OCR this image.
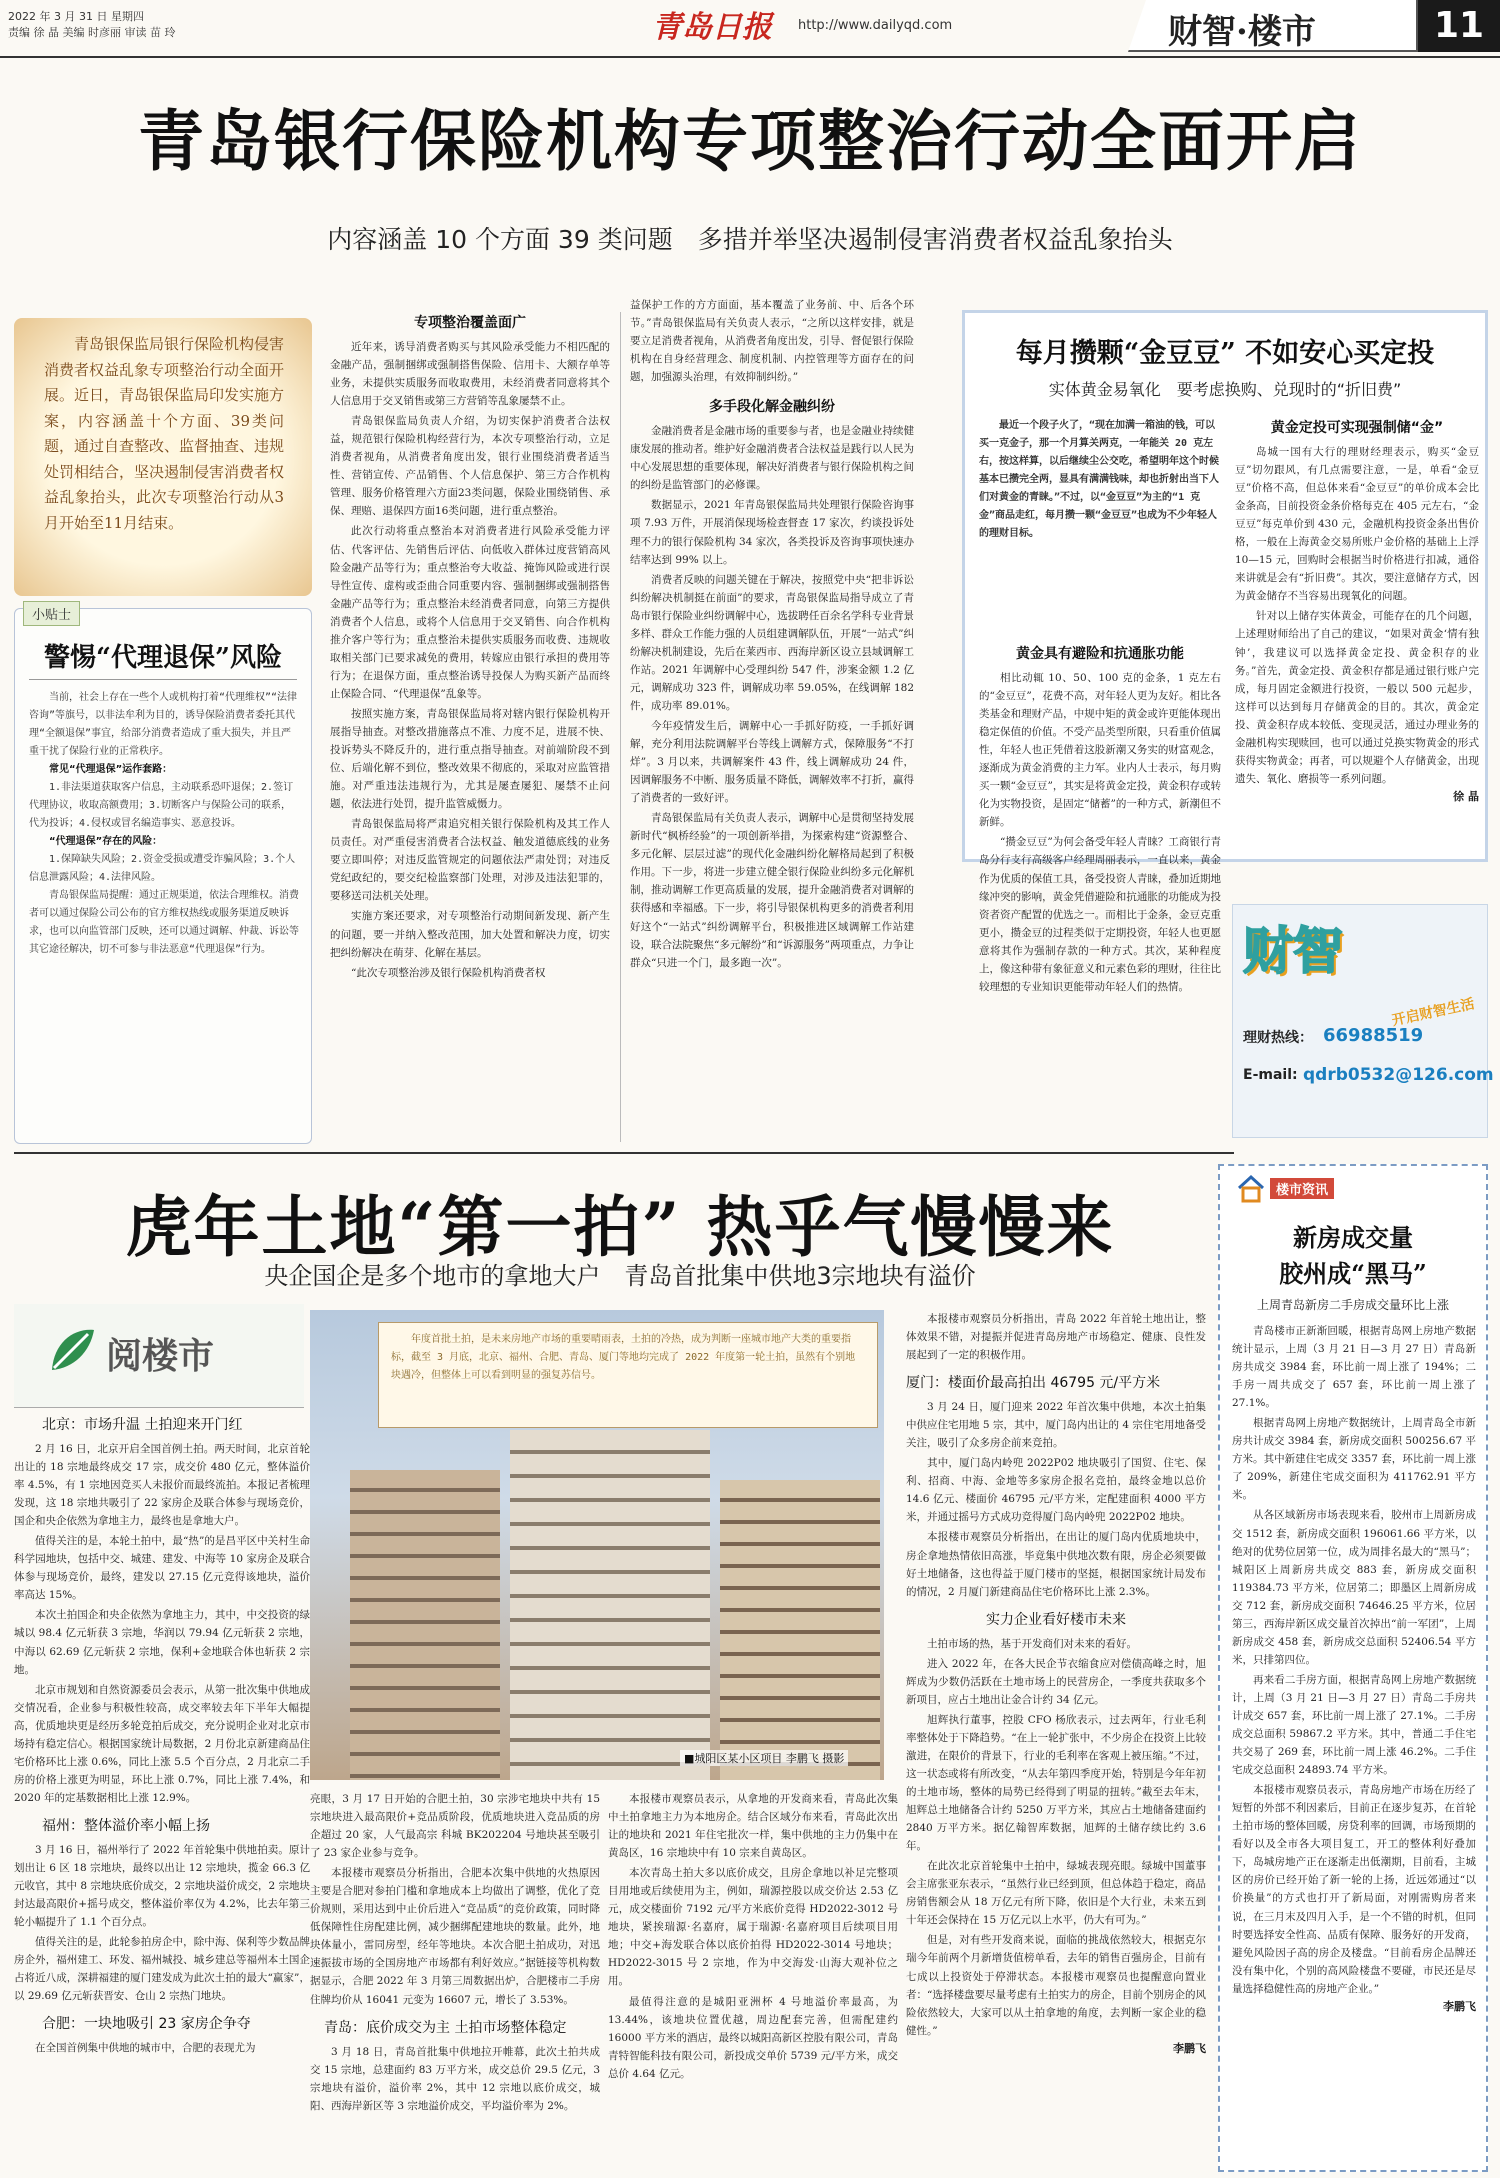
2022 年 3 月 31 日 星期四
责编 徐 晶 美编 时彦丽 审读 苗 玲	青岛日报 http://www.dailyqd.com	财智·楼市	11
青岛银行保险机构专项整治行动全面开启
内容涵盖 10 个方面 39 类问题　多措并举坚决遏制侵害消费者权益乱象抬头
青岛银保监局银行保险机构侵害消费者权益乱象专项整治行动全面开展。近日，青岛银保监局印发实施方案，内容涵盖十个方面、39类问题，通过自查整改、监督抽查、违规处罚相结合，坚决遏制侵害消费者权益乱象抬头，此次专项整治行动从3月开始至11月结束。
小贴士
警惕“代理退保”风险
当前，社会上存在一些个人或机构打着“代理维权”“法律咨询”等旗号，以非法牟利为目的，诱导保险消费者委托其代理“全额退保”事宜，给部分消费者造成了重大损失，并且严重干扰了保险行业的正常秩序。
常见“代理退保”运作套路：
1.非法渠道获取客户信息，主动联系恐吓退保；2.签订代理协议，收取高额费用；3.切断客户与保险公司的联系，代为投诉；4.侵权或冒名编造事实、恶意投诉。
“代理退保”存在的风险：
1.保障缺失风险；2.资金受损或遭受诈骗风险；3.个人信息泄露风险；4.法律风险。
青岛银保监局提醒：通过正规渠道，依法合理维权。消费者可以通过保险公司公布的官方维权热线或服务渠道反映诉求，也可以向监管部门反映，还可以通过调解、仲裁、诉讼等其它途径解决，切不可参与非法恶意“代理退保”行为。
专项整治覆盖面广
近年来，诱导消费者购买与其风险承受能力不相匹配的金融产品，强制捆绑或强制搭售保险、信用卡、大额存单等业务，未提供实质服务而收取费用，未经消费者同意将其个人信息用于交叉销售或第三方营销等乱象屡禁不止。
青岛银保监局负责人介绍，为切实保护消费者合法权益，规范银行保险机构经营行为，本次专项整治行动，立足消费者视角，从消费者角度出发，银行业围绕消费者适当性、营销宣传、产品销售、个人信息保护、第三方合作机构管理、服务价格管理六方面23类问题，保险业围绕销售、承保、理赔、退保四方面16类问题，进行重点整治。
此次行动将重点整治本对消费者进行风险承受能力评估、代客评估、先销售后评估、向低收入群体过度营销高风险金融产品等行为；重点整治夸大收益、掩饰风险或进行误导性宣传、虚构或歪曲合同重要内容、强制捆绑或强制搭售金融产品等行为；重点整治未经消费者同意，向第三方提供消费者个人信息，或将个人信息用于交叉销售、向合作机构推介客户等行为；重点整治未提供实质服务而收费、违规收取相关部门已要求减免的费用，转嫁应由银行承担的费用等行为；在退保方面，重点整治诱导投保人为购买新产品而终止保险合同、“代理退保”乱象等。
按照实施方案，青岛银保监局将对辖内银行保险机构开展指导抽查。对整改措施落点不准、力度不足，进展不快、投诉势头不降反升的，进行重点指导抽查。对前端阶段不到位、后端化解不到位，整改效果不彻底的，采取对应监管措施。对严重违法违规行为，尤其是屡查屡犯、屡禁不止问题，依法进行处罚，提升监管威慑力。
青岛银保监局将严肃追究相关银行保险机构及其工作人员责任。对严重侵害消费者合法权益、触发道德底线的业务要立即叫停；对违反监管规定的问题依法严肃处罚；对违反党纪政纪的，要交纪检监察部门处理，对涉及违法犯罪的，要移送司法机关处理。
实施方案还要求，对专项整治行动期间新发现、新产生的问题，要一并纳入整改范围，加大处置和解决力度，切实把纠纷解决在萌芽、化解在基层。
“此次专项整治涉及银行保险机构消费者权
益保护工作的方方面面，基本覆盖了业务前、中、后各个环节。”青岛银保监局有关负责人表示，“之所以这样安排，就是要立足消费者视角，从消费者角度出发，引导、督促银行保险机构在自身经营理念、制度机制、内控管理等方面存在的问题，加强源头治理，有效抑制纠纷。”
多手段化解金融纠纷
金融消费者是金融市场的重要参与者，也是金融业持续健康发展的推动者。维护好金融消费者合法权益是践行以人民为中心发展思想的重要体现，解决好消费者与银行保险机构之间的纠纷是监管部门的必修课。
数据显示，2021 年青岛银保监局共处理银行保险咨询事项 7.93 万件，开展消保现场检查督查 17 家次，约谈投诉处理不力的银行保险机构 34 家次，各类投诉及咨询事项快速办结率达到 99% 以上。
消费者反映的问题关键在于解决，按照党中央“把非诉讼纠纷解决机制挺在前面”的要求，青岛银保监局指导成立了青岛市银行保险业纠纷调解中心，选拔聘任百余名学科专业背景多样、群众工作能力强的人员组建调解队伍，开展“一站式”纠纷解决机制建设，先后在莱西市、西海岸新区设立县域调解工作站。2021 年调解中心受理纠纷 547 件，涉案金额 1.2 亿元，调解成功 323 件，调解成功率 59.05%，在线调解 182 件，成功率 89.01%。
今年疫情发生后，调解中心一手抓好防疫，一手抓好调解，充分利用法院调解平台等线上调解方式，保障服务“不打烊”。3 月以来，共调解案件 43 件，线上调解成功 24 件，因调解服务不中断、服务质量不降低，调解效率不打折，赢得了消费者的一致好评。
青岛银保监局有关负责人表示，调解中心是贯彻坚持发展新时代“枫桥经验”的一项创新举措，为探索构建“资源整合、多元化解、层层过滤”的现代化金融纠纷化解格局起到了积极作用。下一步，将进一步建立健全银行保险业纠纷多元化解机制，推动调解工作更高质量的发展，提升金融消费者对调解的获得感和幸福感。下一步，将引导银保机构更多的消费者利用好这个“一站式”纠纷调解平台，积极推进区域调解工作站建设，联合法院聚焦“多元解纷”和“诉源服务”两项重点，力争让群众“只进一个门，最多跑一次”。
每月攒颗“金豆豆” 不如安心买定投
实体黄金易氧化　要考虑换购、兑现时的“折旧费”
最近一个段子火了，“现在加满一箱油的钱，可以买一克金子，那一个月算关两克，一年能关 20 克左右，按这样算，以后继续尘公交吃，希望明年这个时候基本已攒完全两，显具有满满钱味，却也折射出当下人们对黄金的青睐。”不过，以“金豆豆”为主的“1 克金”商品走红，每月攒一颗“金豆豆”也成为不少年轻人的理财目标。
黄金具有避险和抗通胀功能
相比动辄 10、50、100 克的金条，1 克左右的“金豆豆”，花费不高，对年轻人更为友好。相比各类基金和理财产品，中规中矩的黄金或许更能体现出稳定保值的价值。不受产品类型所限，只看重价值属性，年轻人也正凭借着这股新潮又务实的财富观念，逐渐成为黄金消费的主力军。业内人士表示，每月购买一颗“金豆豆”，其实是将黄金定投，黄金积存或转化为实物投资，是固定“储蓄”的一种方式，新潮但不新鲜。
“攒金豆豆”为何会备受年轻人青睐？工商银行青岛分行支行高级客户经理周丽表示，一直以来，黄金作为优质的保值工具，备受投资人青睐，叠加近期地缘冲突的影响，黄金凭借避险和抗通胀的功能成为投资者资产配置的优选之一。而相比于金条，金豆克重更小，攒金豆的过程类似于定期投资，年轻人也更愿意将其作为强制存款的一种方式。其次，某种程度上，像这种带有象征意义和元素色彩的理财，往往比较理想的专业知识更能带动年轻人们的热情。
黄金定投可实现强制储“金”
岛城一国有大行的理财经理表示，购买“金豆豆”切勿跟风，有几点需要注意，一是，单看“金豆豆”价格不高，但总体来看“金豆豆”的单价成本会比金条高，目前投资金条价格每克在 405 元左右，“金豆豆”每克单价到 430 元，金融机构投资金条出售价格，一般在上海黄金交易所账户金价格的基础上上浮 10—15 元，回购时会根据当时价格进行扣减，通俗来讲就是会有“折旧费”。其次，要注意储存方式，因为黄金储存不当容易出现氧化的问题。
针对以上储存实体黄金，可能存在的几个问题，上述理财师给出了自己的建议，“如果对黄金‘情有独钟’，我建议可以选择黄金定投、黄金积存的业务。”首先，黄金定投、黄金积存都是通过银行账户完成，每月固定金额进行投资，一般以 500 元起步，这样可以达到每月存储黄金的目的。其次，黄金定投、黄金积存成本较低、变现灵活，通过办理业务的金融机构实现赎回，也可以通过兑换实物黄金的形式获得实物黄金；再者，可以规避个人存储黄金，出现遗失、氧化、磨损等一系列问题。
徐 晶
财智
开启财智生活
理财热线： 66988519
E-mail: qdrb0532@126.com
虎年土地“第一拍” 热乎气慢慢来
央企国企是多个地市的拿地大户　青岛首批集中供地3宗地块有溢价
阅楼市
北京：市场升温 土拍迎来开门红
2 月 16 日，北京开启全国首例土拍。两天时间，北京首轮出让的 18 宗地最终成交 17 宗，成交价 480 亿元，整体溢价率 4.5%，有 1 宗地因竞买人未报价而最终流拍。本报记者梳理发现，这 18 宗地共吸引了 22 家房企及联合体参与现场竞价，国企和央企依然为拿地主力，最终也是拿地大户。
值得关注的是，本轮土拍中，最“热”的是昌平区中关村生命科学园地块，包括中交、城建、建发、中海等 10 家房企及联合体参与现场竞价，最终，建发以 27.15 亿元竞得该地块，溢价率高达 15%。
本次土拍国企和央企依然为拿地主力，其中，中交投资的绿城以 98.4 亿元斩获 3 宗地，华润以 79.94 亿元斩获 2 宗地，中海以 62.69 亿元斩获 2 宗地，保利+金地联合体也斩获 2 宗地。
北京市规划和自然资源委员会表示，从第一批次集中供地成交情况看，企业参与积极性较高，成交率较去年下半年大幅提高，优质地块更是经历多轮竞拍后成交，充分说明企业对北京市场持有稳定信心。根据国家统计局数据，2 月份北京新建商品住宅价格环比上涨 0.6%，同比上涨 5.5 个百分点，2 月北京二手房的价格上涨更为明显，环比上涨 0.7%，同比上涨 7.4%，和 2020 年的定基数据相比上涨 12.9%。
福州：整体溢价率小幅上扬
3 月 16 日，福州举行了 2022 年首轮集中供地拍卖。原计划出让 6 区 18 宗地块，最终以出让 12 宗地块，揽金 66.3 亿元收官，其中 8 宗地块底价成交，2 宗地块溢价成交，2 宗地块封达最高限价+摇号成交，整体溢价率仅为 4.2%，比去年第三轮小幅提升了 1.1 个百分点。
值得关注的是，此轮参拍房企中，除中海、保利等少数品牌房企外，福州建工、环发、福州城投、城乡建总等福州本土国企占将近八成，深耕福建的厦门建发成为此次土拍的最大“赢家”，以 29.69 亿元斩获晋安、仓山 2 宗热门地块。
合肥：一块地吸引 23 家房企争夺
在全国首例集中供地的城市中，合肥的表现尤为
年度首批土拍，是未来房地产市场的重要晴雨表，土拍的冷热，成为判断一座城市地产大类的重要指标，截至 3 月底，北京、福州、合肥、青岛、厦门等地均完成了 2022 年度第一轮土拍，虽然有个别地块遇冷，但整体上可以看到明显的强复苏信号。
■城阳区某小区项目 李鹏飞 摄影
亮眼，3 月 17 日开始的合肥土拍，30 宗涉宅地块中共有 15 宗地块进入最高限价+竞品质阶段，优质地块进入竞品质的房企超过 20 家，人气最高宗 科城 BK202204 号地块甚至吸引了 23 家企业参与竞争。
本报楼市观察员分析指出，合肥本次集中供地的火热原因主要是合肥对参拍门槛和拿地成本上均做出了调整，优化了竞价规则，采用达到中止价后进入“竞品质”的竞价政策，同时降低保障性住房配建比例，减少捆绑配建地块的数量。此外，地块体量小，雷同房型，经年等地块。本次合肥土拍成功，对迅速振拔市场的全国房地产市场都有利好效应。”据链接等机构数据显示，合肥 2022 年 3 月第三周数据出炉，合肥楼市二手房住牌均价从 16041 元变为 16607 元，增长了 3.53%。
青岛：底价成交为主 土拍市场整体稳定
3 月 18 日，青岛首批集中供地拉开帷幕，此次土拍共成交 15 宗地，总建面约 83 万平方米，成交总价 29.5 亿元，3 宗地块有溢价，溢价率 2%，其中 12 宗地以底价成交，城阳、西海岸新区等 3 宗地溢价成交，平均溢价率为 2%。
本报楼市观察员表示，从拿地的开发商来看，青岛此次集中土拍拿地主力为本地房企。结合区域分布来看，青岛此次出让的地块和 2021 年住宅批次一样，集中供地的主力仍集中在黄岛区，16 宗地块中有 10 宗来自黄岛区。
本次青岛土拍大多以底价成交，且房企拿地以补足完整项目用地或后续使用为主，例如，瑞源控股以成交价达 2.53 亿元，成交楼面价 7192 元/平方米底价竞得 HD2022-3012 号地块，紧挨瑞源·名嘉府，属于瑞源·名嘉府项目后续项目用地；中交+海发联合体以底价拍得 HD2022-3014 号地块；HD2022-3015 号 2 宗地，作为中交海发·山海大观补位之用。
最值得注意的是城阳亚洲杯 4 号地溢价率最高，为 13.44%，该地块位置优越，周边配套完善，但需配建约 16000 平方米的酒店，最终以城阳高新区控股有限公司，青岛青特智能科技有限公司，新投成交单价 5739 元/平方米，成交总价 4.64 亿元。
本报楼市观察员分析指出，青岛 2022 年首轮土地出让，整体效果不错，对提振并促进青岛房地产市场稳定、健康、良性发展起到了一定的积极作用。
厦门：楼面价最高拍出 46795 元/平方米
3 月 24 日，厦门迎来 2022 年首次集中供地，本次土拍集中供应住宅用地 5 宗，其中，厦门岛内出让的 4 宗住宅用地备受关注，吸引了众多房企前来竞拍。
其中，厦门岛内岭兜 2022P02 地块吸引了国贸、住宅、保利、招商、中海、金地等多家房企报名竞拍，最终金地以总价 14.6 亿元、楼面价 46795 元/平方米，定配建面积 4000 平方米，并通过摇号方式成功竞得厦门岛内岭兜 2022P02 地块。
本报楼市观察员分析指出，在出让的厦门岛内优质地块中，房企拿地热情依旧高涨，毕竟集中供地次数有限，房企必须要做好土地储备，这也得益于厦门楼市的坚挺，根据国家统计局发布的情况，2 月厦门新建商品住宅价格环比上涨 2.3%。
实力企业看好楼市未来
土拍市场的热，基于开发商们对未来的看好。
进入 2022 年，在各大民企节衣缩食应对偿债高峰之时，旭辉成为少数仍活跃在土地市场上的民营房企，一季度共获取多个新项目，应占土地出让金合计约 34 亿元。
旭辉执行董事，控股 CFO 杨欣表示，过去两年，行业毛利率整体处于下降趋势。“在上一轮扩张中，不少房企在投资上比较激进，在限价的背景下，行业的毛利率在客观上被压缩。”不过，这一状态或将有所改变，“从去年第四季度开始，特别是今年年初的土地市场，整体的局势已经得到了明显的扭转。”截至去年末，旭辉总土地储备合计约 5250 万平方米，其应占土地储备建面约 2840 万平方米。据亿翰智库数据，旭辉的土储存续比约 3.6 年。
在此次北京首轮集中土拍中，绿城表现亮眼。绿城中国董事会主席张亚东表示，“虽然行业已经到顶，但总体趋于稳定，商品房销售额会从 18 万亿元有所下降，依旧是个大行业，未来五到十年还会保持在 15 万亿元以上水平，仍大有可为。”
但是，对有些开发商来说，面临的挑战依然较大，根据克尔瑞今年前两个月新增货值榜单看，去年的销售百强房企，目前有七成以上投资处于停滞状态。本报楼市观察员也提醒意向置业者：“选择楼盘要尽量考虑有土拍实力的房企，目前个别房企的风险依然较大，大家可以从土拍拿地的角度，去判断一家企业的稳健性。”
李鹏飞
楼市资讯
新房成交量
胶州成“黑马”
上周青岛新房二手房成交量环比上涨
青岛楼市正新渐回暖，根据青岛网上房地产数据统计显示，上周（3 月 21 日—3 月 27 日）青岛新房共成交 3984 套，环比前一周上涨了 194%；二手房一周共成交了 657 套，环比前一周上涨了 27.1%。
根据青岛网上房地产数据统计，上周青岛全市新房共计成交 3984 套，新房成交面积 500256.67 平方米。其中新建住宅成交 3357 套，环比前一周上涨了 209%，新建住宅成交面积为 411762.91 平方米。
从各区域新房市场表现来看，胶州市上周新房成交 1512 套，新房成交面积 196061.66 平方米，以绝对的优势位居第一位，成为周排名最大的“黑马”；城阳区上周新房共成交 883 套，新房成交面积 119384.73 平方米，位居第二；即墨区上周新房成交 712 套，新房成交面积 74646.25 平方米，位居第三，西海岸新区成交量首次掉出“前一军团”，上周新房成交 458 套，新房成交总面积 52406.54 平方米，只排第四位。
再来看二手房方面，根据青岛网上房地产数据统计，上周（3 月 21 日—3 月 27 日）青岛二手房共计成交 657 套，环比前一周上涨了 27.1%。二手房成交总面积 59867.2 平方米。其中，普通二手住宅共交易了 269 套，环比前一周上涨 46.2%。二手住宅成交总面积 24893.74 平方米。
本报楼市观察员表示，青岛房地产市场在历经了短暂的外部不利因素后，目前正在逐步复苏，在首轮土拍市场的整体回暖，房贷利率的回调，市场预期的看好以及全市各大项目复工，开工的整体利好叠加下，岛城房地产正在逐渐走出低潮期，目前看，主城区的房价已经开始了新一轮的上扬，近远郊通过“以价换量”的方式也打开了新局面，对刚需购房者来说，在三月末及四月入手，是一个不错的时机，但同时要选择安全性高、品质有保障、服务好的开发商，避免风险因子高的房企及楼盘。“目前看房企品牌还没有集中化，个别的高风险楼盘不要碰，市民还是尽量选择稳健性高的房地产企业。”
李鹏飞
